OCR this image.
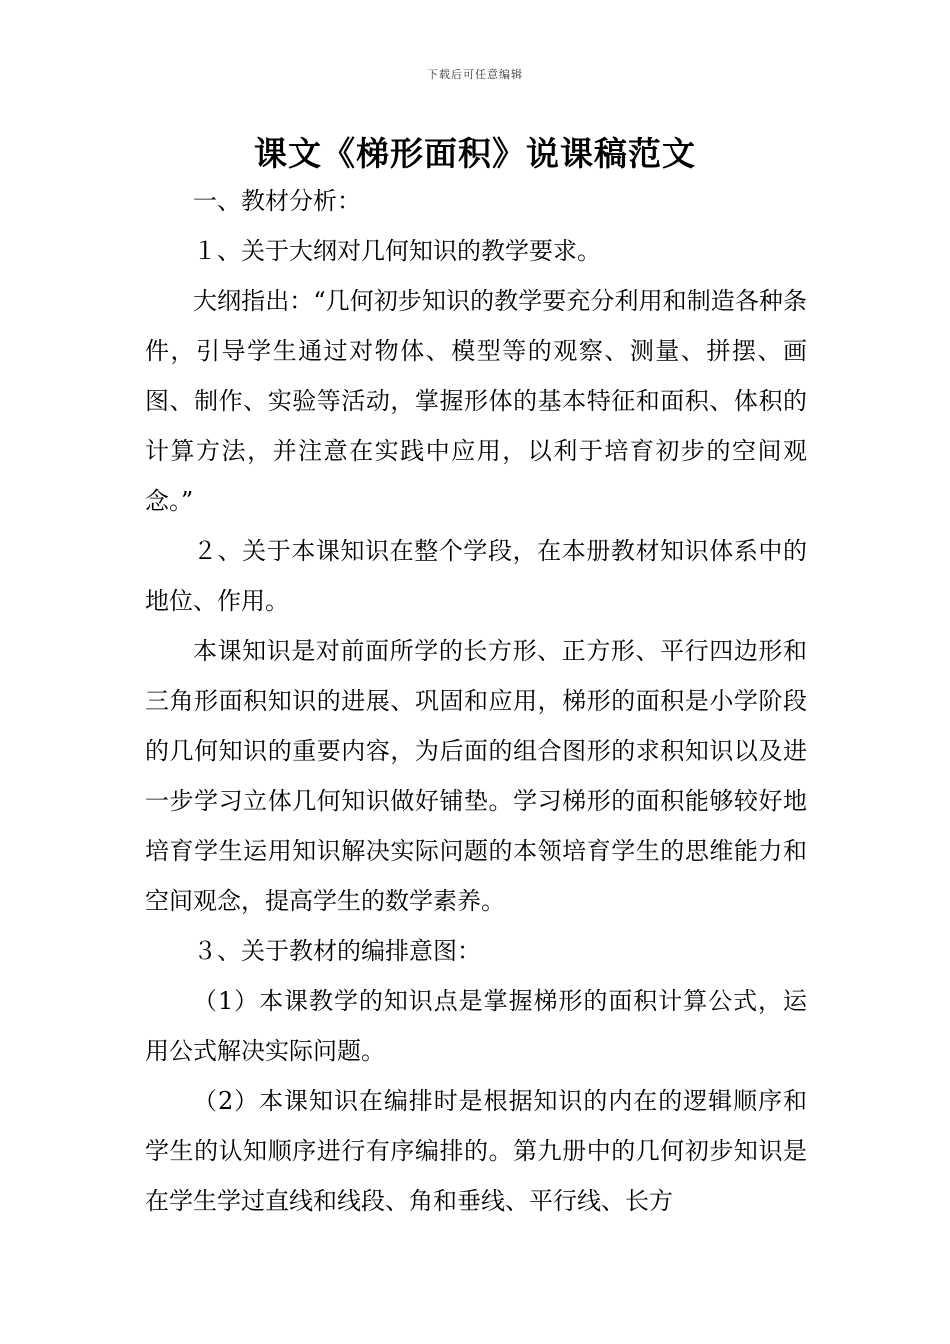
下载后可任意编辑
课文《梯形面积》说课稿范文

一、教材分析：

１、关于大纲对几何知识的教学要求。

大纲指出：“几何初步知识的教学要充分利用和制造各种条件，引导学生通过对物体、模型等的观察、测量、拼摆、画图、制作、实验等活动，掌握形体的基本特征和面积、体积的计算方法，并注意在实践中应用，以利于培育初步的空间观念。”

２、关于本课知识在整个学段，在本册教材知识体系中的地位、作用。

本课知识是对前面所学的长方形、正方形、平行四边形和三角形面积知识的进展、巩固和应用，梯形的面积是小学阶段的几何知识的重要内容，为后面的组合图形的求积知识以及进一步学习立体几何知识做好铺垫。学习梯形的面积能够较好地培育学生运用知识解决实际问题的本领培育学生的思维能力和空间观念，提高学生的数学素养。

３、关于教材的编排意图：

（1）本课教学的知识点是掌握梯形的面积计算公式，运用公式解决实际问题。

（2）本课知识在编排时是根据知识的内在的逻辑顺序和学生的认知顺序进行有序编排的。第九册中的几何初步知识是在学生学过直线和线段、角和垂线、平行线、长方
